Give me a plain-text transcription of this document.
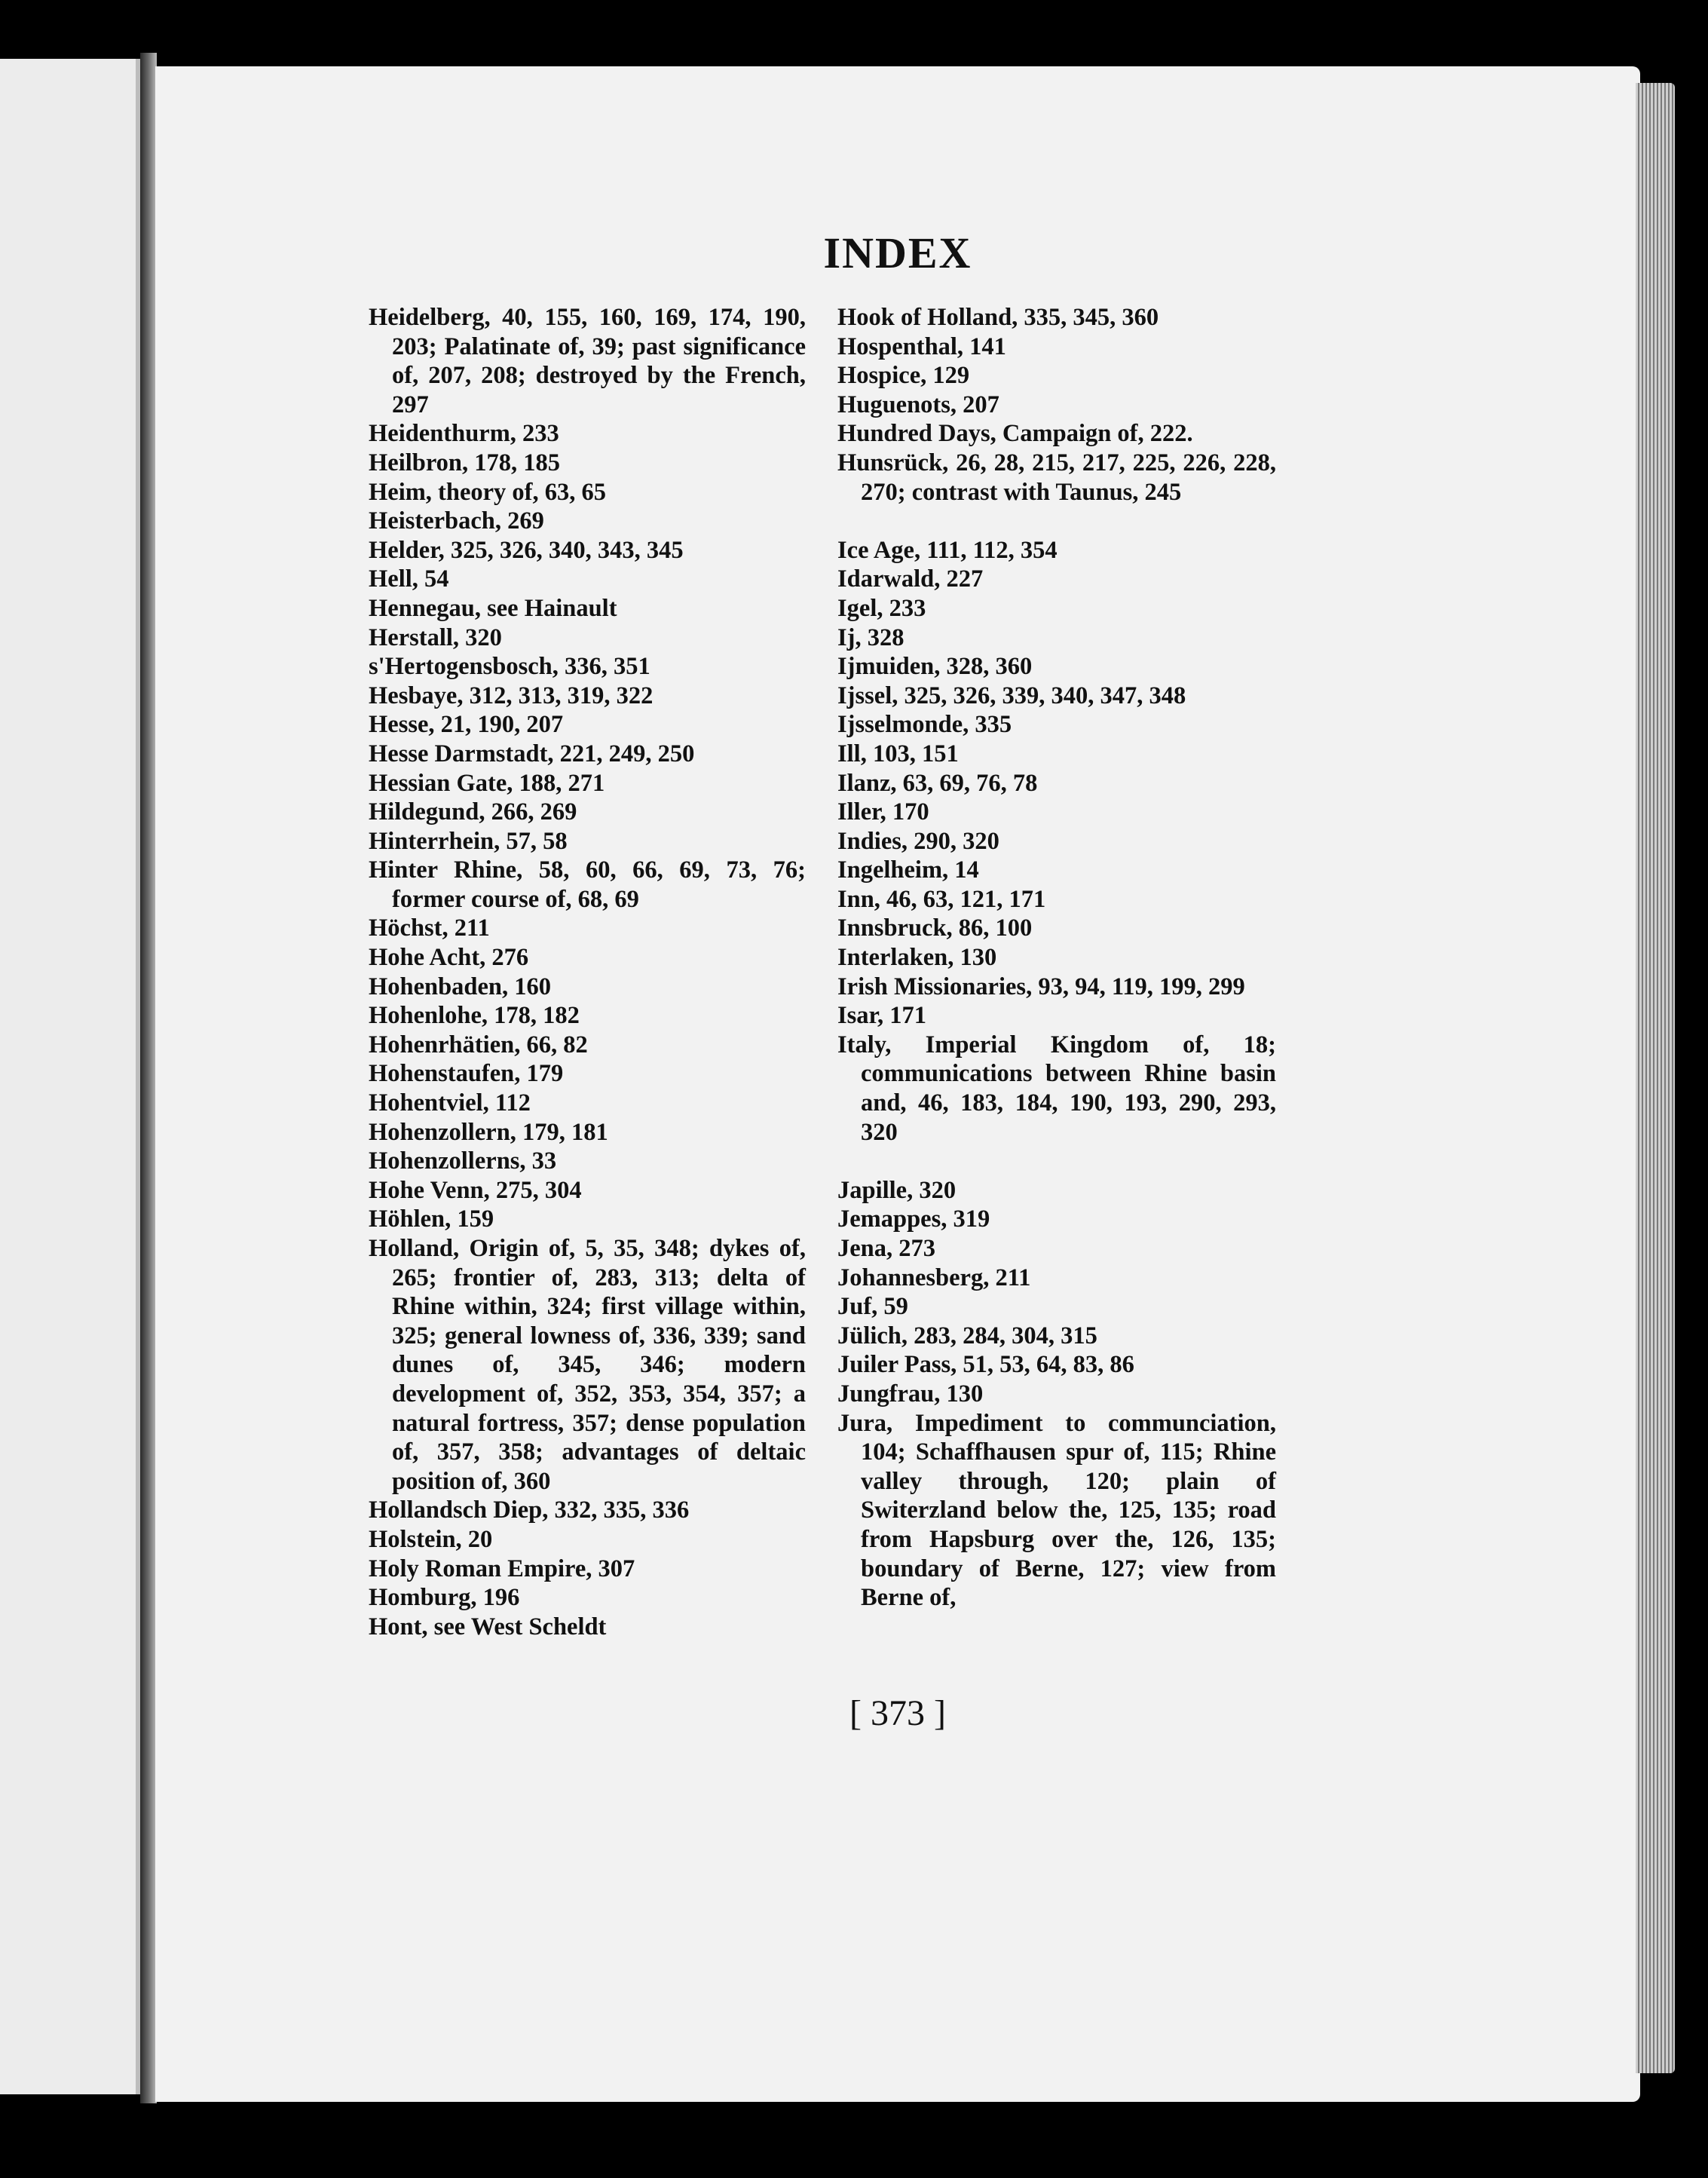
INDEX
Heidelberg, 40, 155, 160, 169, 174, 190, 203; Palatinate of, 39; past significance of, 207, 208; destroyed by the French, 297
Heidenthurm, 233
Heilbron, 178, 185
Heim, theory of, 63, 65
Heisterbach, 269
Helder, 325, 326, 340, 343, 345
Hell, 54
Hennegau, see Hainault
Herstall, 320
s'Hertogensbosch, 336, 351
Hesbaye, 312, 313, 319, 322
Hesse, 21, 190, 207
Hesse Darmstadt, 221, 249, 250
Hessian Gate, 188, 271
Hildegund, 266, 269
Hinterrhein, 57, 58
Hinter Rhine, 58, 60, 66, 69, 73, 76; former course of, 68, 69
Höchst, 211
Hohe Acht, 276
Hohenbaden, 160
Hohenlohe, 178, 182
Hohenrhätien, 66, 82
Hohenstaufen, 179
Hohentviel, 112
Hohenzollern, 179, 181
Hohenzollerns, 33
Hohe Venn, 275, 304
Höhlen, 159
Holland, Origin of, 5, 35, 348; dykes of, 265; frontier of, 283, 313; delta of Rhine within, 324; first village within, 325; general lowness of, 336, 339; sand dunes of, 345, 346; modern development of, 352, 353, 354, 357; a natural fortress, 357; dense population of, 357, 358; advantages of deltaic position of, 360
Hollandsch Diep, 332, 335, 336
Holstein, 20
Holy Roman Empire, 307
Homburg, 196
Hont, see West Scheldt
Hook of Holland, 335, 345, 360
Hospenthal, 141
Hospice, 129
Huguenots, 207
Hundred Days, Campaign of, 222.
Hunsrück, 26, 28, 215, 217, 225, 226, 228, 270; contrast with Taunus, 245
Ice Age, 111, 112, 354
Idarwald, 227
Igel, 233
Ij, 328
Ijmuiden, 328, 360
Ijssel, 325, 326, 339, 340, 347, 348
Ijsselmonde, 335
Ill, 103, 151
Ilanz, 63, 69, 76, 78
Iller, 170
Indies, 290, 320
Ingelheim, 14
Inn, 46, 63, 121, 171
Innsbruck, 86, 100
Interlaken, 130
Irish Missionaries, 93, 94, 119, 199, 299
Isar, 171
Italy, Imperial Kingdom of, 18; communications between Rhine basin and, 46, 183, 184, 190, 193, 290, 293, 320
Japille, 320
Jemappes, 319
Jena, 273
Johannesberg, 211
Juf, 59
Jülich, 283, 284, 304, 315
Juiler Pass, 51, 53, 64, 83, 86
Jungfrau, 130
Jura, Impediment to communciation, 104; Schaffhausen spur of, 115; Rhine valley through, 120; plain of Switerzland below the, 125, 135; road from Hapsburg over the, 126, 135; boundary of Berne, 127; view from Berne of,
[ 373 ]
